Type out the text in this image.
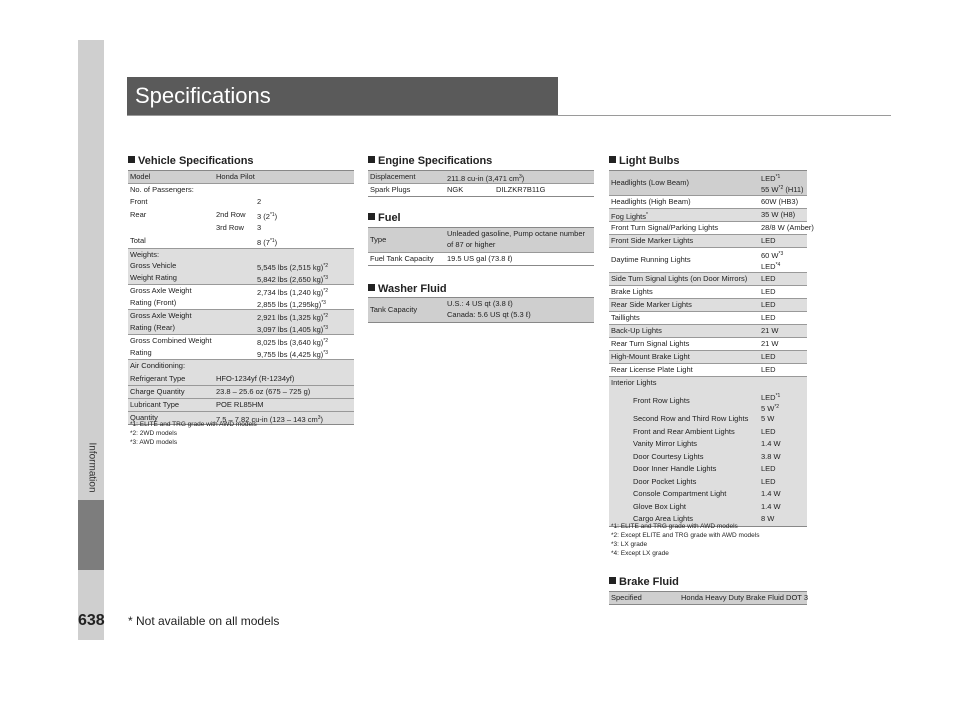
Information
Specifications
Vehicle Specifications
Model	Honda Pilot
No. of Passengers:
Front	2
Rear	2nd Row 3 (2$^{*1}$)
3rd Row 3
Total	8 (7$^{*1}$)
Weights:
Gross Vehicle	5,545 lbs (2,515 kg)$^{*2}$
Weight Rating	5,842 lbs (2,650 kg)$^{*3}$
Gross Axle Weight	2,734 lbs (1,240 kg)$^{*2}$
Rating (Front)	2,855 lbs $(1,295kg)^{*3}$
Gross Axle Weight	2,921 lbs (1,325 kg)$^{*2}$
Rating (Rear)	3,097 lbs (1,405 kg)$^{*3}$
Gross Combined Weight	8,025 lbs (3,640 kg)$^{*2}$
Rating	9,755 lbs (4,425 kg)$^{*3}$
Air Conditioning:
Refrigerant Type	HFO-1234yf (R-1234yf)
Charge Quantity	23.8 – 25.6 oz (675 – 725 g)
Lubricant Type	POE RL85HM
Quantity	7.5 – 7.82 cu-in (123 – 143 $cm^3$)
*1: ELITE and TRG grade with AWD models
*2: 2WD models
*3: AWD models
Engine Specifications
Displacement	211.8 cu-in (3,471 $cm^3$)
Spark Plugs	NGK	DILZKR7B11G
Fuel
Type
Unleaded gasoline, Pump octane number
of 87 or higher
Fuel Tank Capacity 19.5 US gal (73.8 ℓ)
Washer Fluid
Tank Capacity
U.S.: 4 US qt (3.8 ℓ)
Canada: 5.6 US qt (5.3 ℓ)
Light Bulbs
Headlights (Low Beam)	LED$^{*1}$
55 $W^{*2}$ (H11)
Headlights (High Beam)	60W (HB3)
Fog Lights*	35 W (H8)
Front Turn Signal/Parking Lights	28/8 W (Amber)
Front Side Marker Lights	LED
Daytime Running Lights	60 $W^{*3}$
LED$^{*4}$
Side Turn Signal Lights (on Door Mirrors) LED
Brake Lights	LED
Rear Side Marker Lights	LED
Taillights	LED
Back-Up Lights	21 W
Rear Turn Signal Lights	21 W
High-Mount Brake Light	LED
Rear License Plate Light	LED
Interior Lights
Front Row Lights	LED$^{*1}$
5 $W^{*2}$
Second Row and Third Row Lights 5 W
Front and Rear Ambient Lights	LED
Vanity Mirror Lights	1.4 W
Door Courtesy Lights	3.8 W
Door Inner Handle Lights	LED
Door Pocket Lights	LED
Console Compartment Light	1.4 W
Glove Box Light	1.4 W
Cargo Area Lights	8 W
*1: ELITE and TRG grade with AWD models
*2: Except ELITE and TRG grade with AWD models
*3: LX grade
*4: Except LX grade
Brake Fluid
Specified	Honda Heavy Duty Brake Fluid DOT 3
638 * Not available on all models
